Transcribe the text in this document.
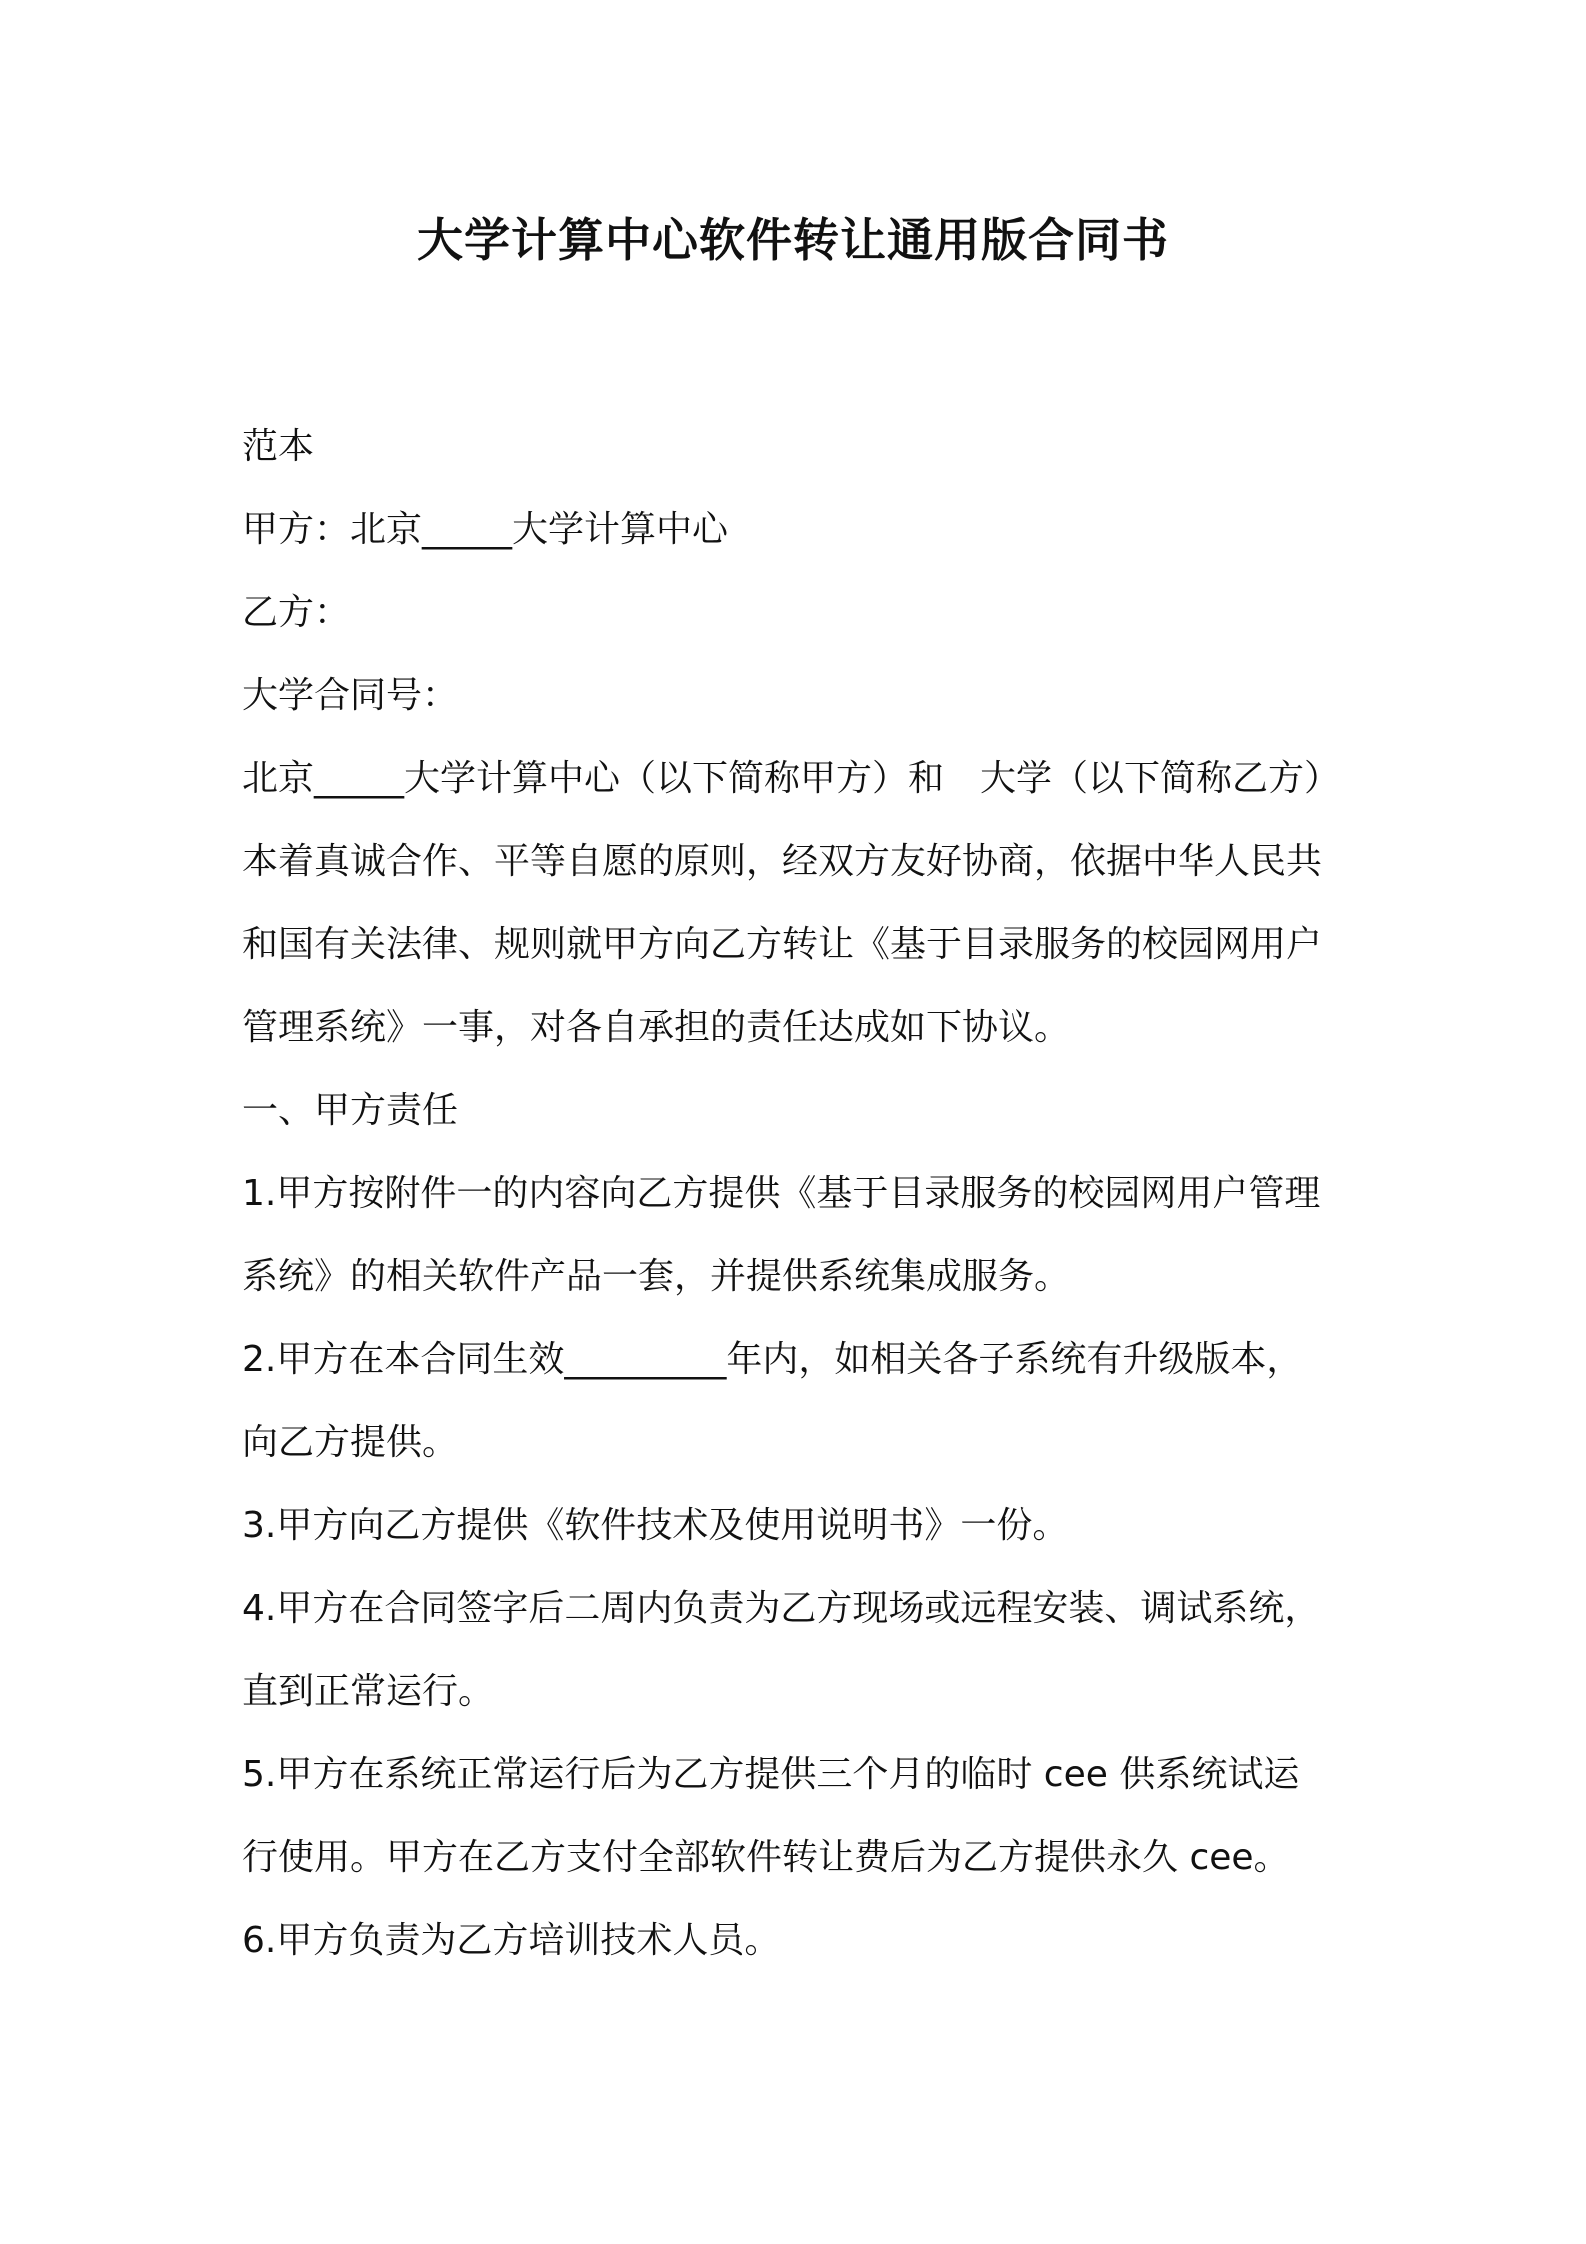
大学计算中心软件转让通用版合同书
范本
甲方：北京_____大学计算中心
乙方：
大学合同号：
北京_____大学计算中心（以下简称甲方）和　大学（以下简称乙方）
本着真诚合作、平等自愿的原则，经双方友好协商，依据中华人民共
和国有关法律、规则就甲方向乙方转让《基于目录服务的校园网用户
管理系统》一事，对各自承担的责任达成如下协议。
一、甲方责任
1.甲方按附件一的内容向乙方提供《基于目录服务的校园网用户管理
系统》的相关软件产品一套，并提供系统集成服务。
2.甲方在本合同生效_________年内，如相关各子系统有升级版本，
向乙方提供。
3.甲方向乙方提供《软件技术及使用说明书》一份。
4.甲方在合同签字后二周内负责为乙方现场或远程安装、调试系统，
直到正常运行。
5.甲方在系统正常运行后为乙方提供三个月的临时 cee 供系统试运
行使用。甲方在乙方支付全部软件转让费后为乙方提供永久 cee。
6.甲方负责为乙方培训技术人员。
